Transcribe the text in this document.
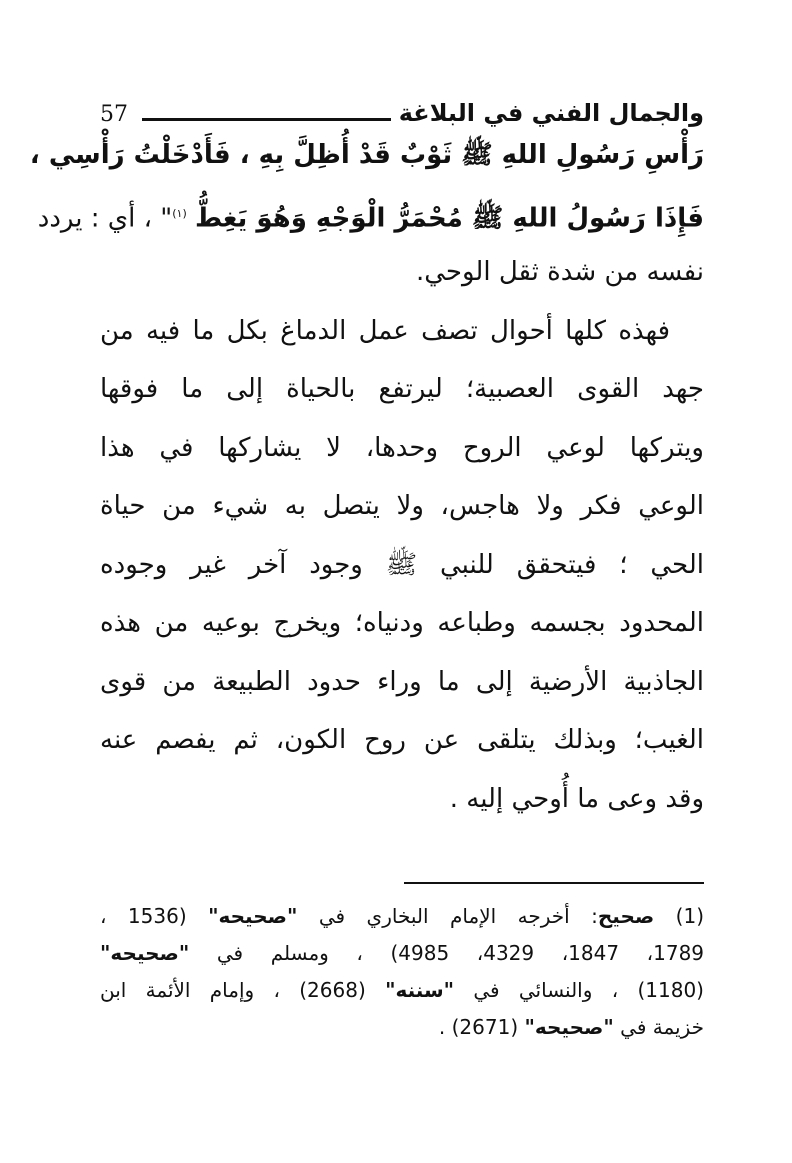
57	والجمال الفني في البلاغة
رَأْسِ رَسُولِ اللهِ ﷺ ثَوْبٌ قَدْ أُظِلَّ بِهِ ، فَأَدْخَلْتُ رَأْسِي ،
فَإِذَا رَسُولُ اللهِ ﷺ مُحْمَرُّ الْوَجْهِ وَهُوَ يَغِطُّ $^{(١)}$" ، أي : يردد
نفسه من شدة ثقل الوحي.
فهذه كلها أحوال تصف عمل الدماغ بكل ما فيه من
جهد القوى العصبية؛ ليرتفع بالحياة إلى ما فوقها
ويتركها لوعي الروح وحدها، لا يشاركها في هذا
الوعي فكر ولا هاجس، ولا يتصل به شيء من حياة
الحي ؛ فيتحقق للنبي ﷺ وجود آخر غير وجوده
المحدود بجسمه وطباعه ودنياه؛ ويخرج بوعيه من هذه
الجاذبية الأرضية إلى ما وراء حدود الطبيعة من قوى
الغيب؛ وبذلك يتلقى عن روح الكون، ثم يفصم عنه
وقد وعى ما أُوحي إليه .
(1) صحيح: أخرجه الإمام البخاري في "صحيحه" (1536 ،
1789، 1847، 4329، 4985) ، ومسلم في "صحيحه"
(1180) ، والنسائي في "سننه" (2668) ، وإمام الأئمة ابن
خزيمة في "صحيحه" (2671) .
